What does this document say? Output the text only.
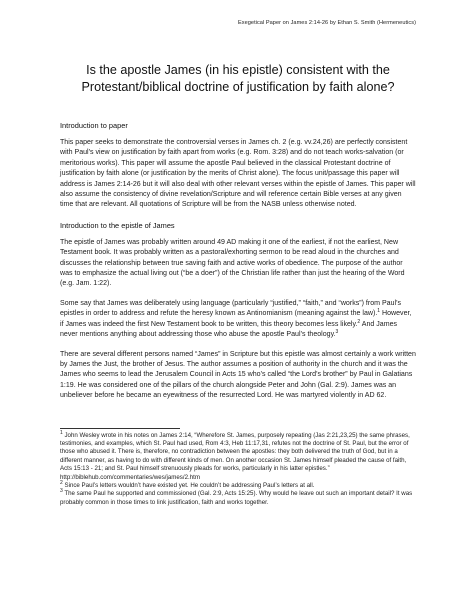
Exegetical Paper on James 2:14-26 by Ethan S. Smith (Hermeneutics)
Is the apostle James (in his epistle) consistent with the Protestant/biblical doctrine of justification by faith alone?
Introduction to paper

This paper seeks to demonstrate the controversial verses in James ch. 2 (e.g. vv.24,26) are perfectly consistent with Paul’s view on justification by faith apart from works (e.g. Rom. 3:28) and do not teach works-salvation (or meritorious works). This paper will assume the apostle Paul believed in the classical Protestant doctrine of justification by faith alone (or justification by the merits of Christ alone). The focus unit/passage this paper will address is James 2:14-26 but it will also deal with other relevant verses within the epistle of James. This paper will also assume the consistency of divine revelation/Scripture and will reference certain Bible verses at any given time that are relevant. All quotations of Scripture will be from the NASB unless otherwise noted.

Introduction to the epistle of James

The epistle of James was probably written around 49 AD making it one of the earliest, if not the earliest, New Testament book. It was probably written as a pastoral/exhorting sermon to be read aloud in the churches and discusses the relationship between true saving faith and active works of obedience. The purpose of the author was to emphasize the actual living out (“be a doer”) of the Christian life rather than just the hearing of the Word (e.g. Jam. 1:22).

Some say that James was deliberately using language (particularly “justified,” “faith,” and “works”) from Paul’s epistles in order to address and refute the heresy known as Antinomianism (meaning against the law).$^1$ However, if James was indeed the first New Testament book to be written, this theory becomes less likely.$^2$ And James never mentions anything about addressing those who abuse the apostle Paul’s theology.$^3$

There are several different persons named “James” in Scripture but this epistle was almost certainly a work written by James the Just, the brother of Jesus. The author assumes a position of authority in the church and it was the James who seems to lead the Jerusalem Council in Acts 15 who’s called “the Lord’s brother” by Paul in Galatians 1:19. He was considered one of the pillars of the church alongside Peter and John (Gal. 2:9). James was an unbeliever before he became an eyewitness of the resurrected Lord. He was martyred violently in AD 62.

$^1$ John Wesley wrote in his notes on James 2:14, “Wherefore St. James, purposely repeating (Jas 2:21,23,25) the same phrases, testimonies, and examples, which St. Paul had used, Rom 4:3, Heb 11:17,31, refutes not the doctrine of St. Paul, but the error of those who abused it. There is, therefore, no contradiction between the apostles: they both delivered the truth of God, but in a different manner, as having to do with different kinds of men. On another occasion St. James himself pleaded the cause of faith, Acts 15:13 - 21; and St. Paul himself strenuously pleads for works, particularly in his latter epistles.” http://biblehub.com/commentaries/wes/james/2.htm

$^2$ Since Paul’s letters wouldn’t have existed yet. He couldn’t be addressing Paul’s letters at all.

$^3$ The same Paul he supported and commissioned (Gal. 2:9, Acts 15:25). Why would he leave out such an important detail? It was probably common in those times to link justification, faith and works together.
